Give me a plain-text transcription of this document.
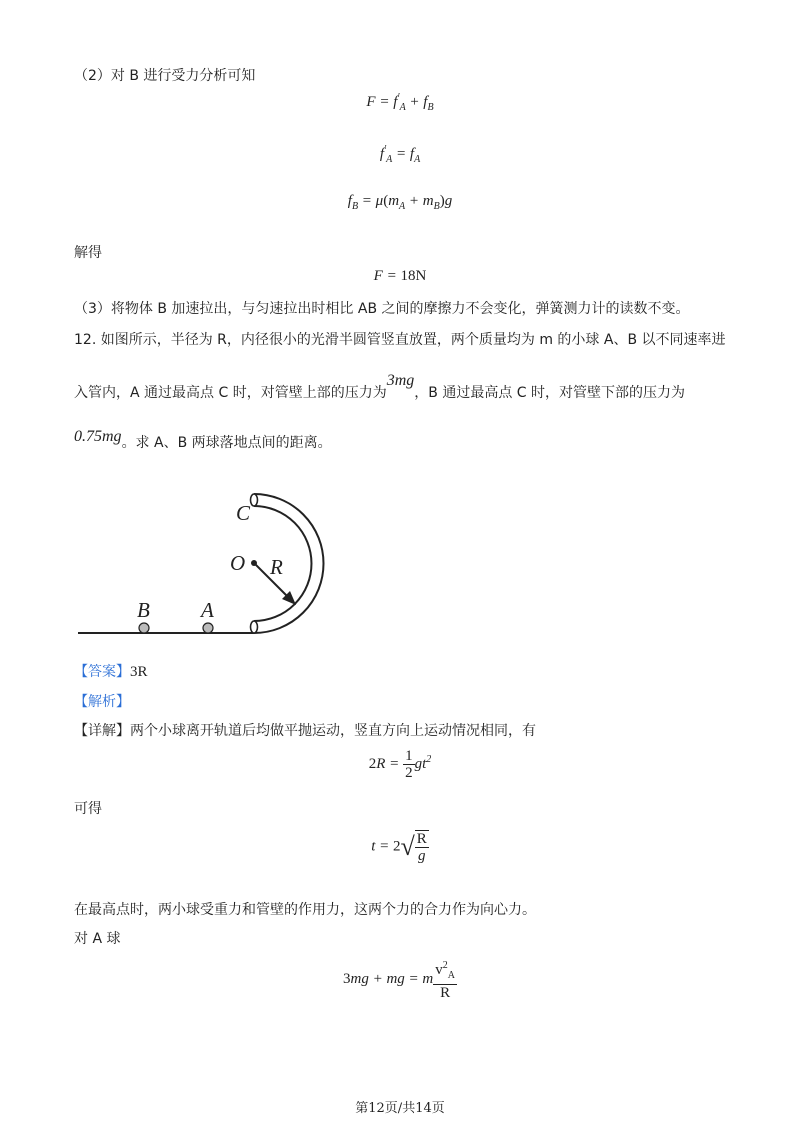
（2）对 B 进行受力分析可知
$F = f'_A + f_B$
$f'_A = f_A$
$f_B = \mu(m_A + m_B)g$
解得
F = 18N
（3）将物体 B 加速拉出，与匀速拉出时相比 AB 之间的摩擦力不会变化，弹簧测力计的读数不变。
12. 如图所示，半径为 R，内径很小的光滑半圆管竖直放置，两个质量均为 m 的小球 A、B 以不同速率进
入管内，A 通过最高点 C 时，对管壁上部的压力为3mg，B 通过最高点 C 时，对管壁下部的压力为
0.75mg。求 A、B 两球落地点间的距离。
C
O R
B A
【答案】3R
【解析】
【详解】两个小球离开轨道后均做平抛运动，竖直方向上运动情况相同，有
$2R = \frac{1}{2} gt^2$
可得
$t = 2√ \frac{R}{g}$
在最高点时，两小球受重力和管壁的作用力，这两个力的合力作为向心力。
对 A 球
3mg + mg = m $\frac{v^2_A}{R}$
第12页/共14页
